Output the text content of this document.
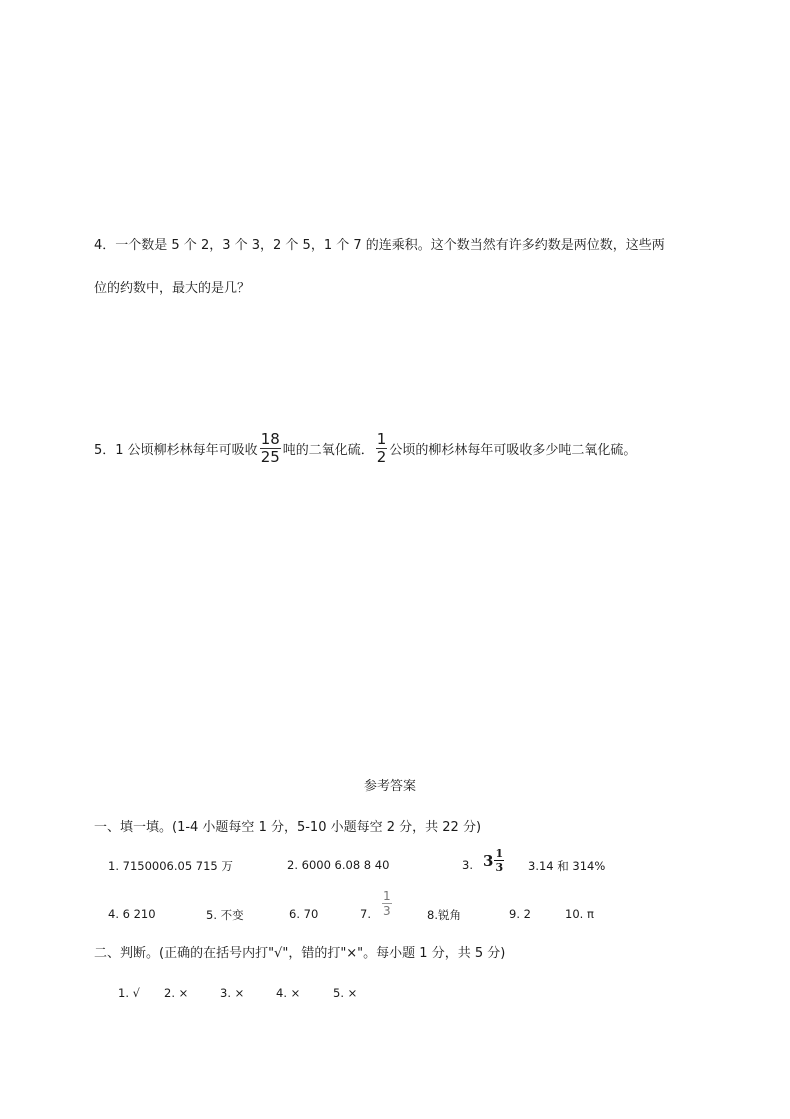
4．一个数是 5 个 2，3 个 3，2 个 5，1 个 7 的连乘积。这个数当然有许多约数是两位数，这些两
位的约数中，最大的是几？
5．1 公顷柳杉林每年可吸收 $\frac{18}{25}$ 吨的二氧化硫． $\frac{1}{2}$ 公顷的柳杉林每年可吸收多少吨二氧化硫。
参考答案
一、填一填。(1-4 小题每空 1 分，5-10 小题每空 2 分，共 22 分)
1. 7150006.05 715 万	2. 6000 6.08 8 40	3. $3 \frac{1}{3} 3.14$ 和 314%
4. 6 210	5. 不变	6. 70	7. $\frac{1}{3}$	8.锐角	9. 2	10. π
二、判断。(正确的在括号内打"√"，错的打"×"。每小题 1 分，共 5 分)
1. √ 2. ×	3. ×	4. ×	5. ×
